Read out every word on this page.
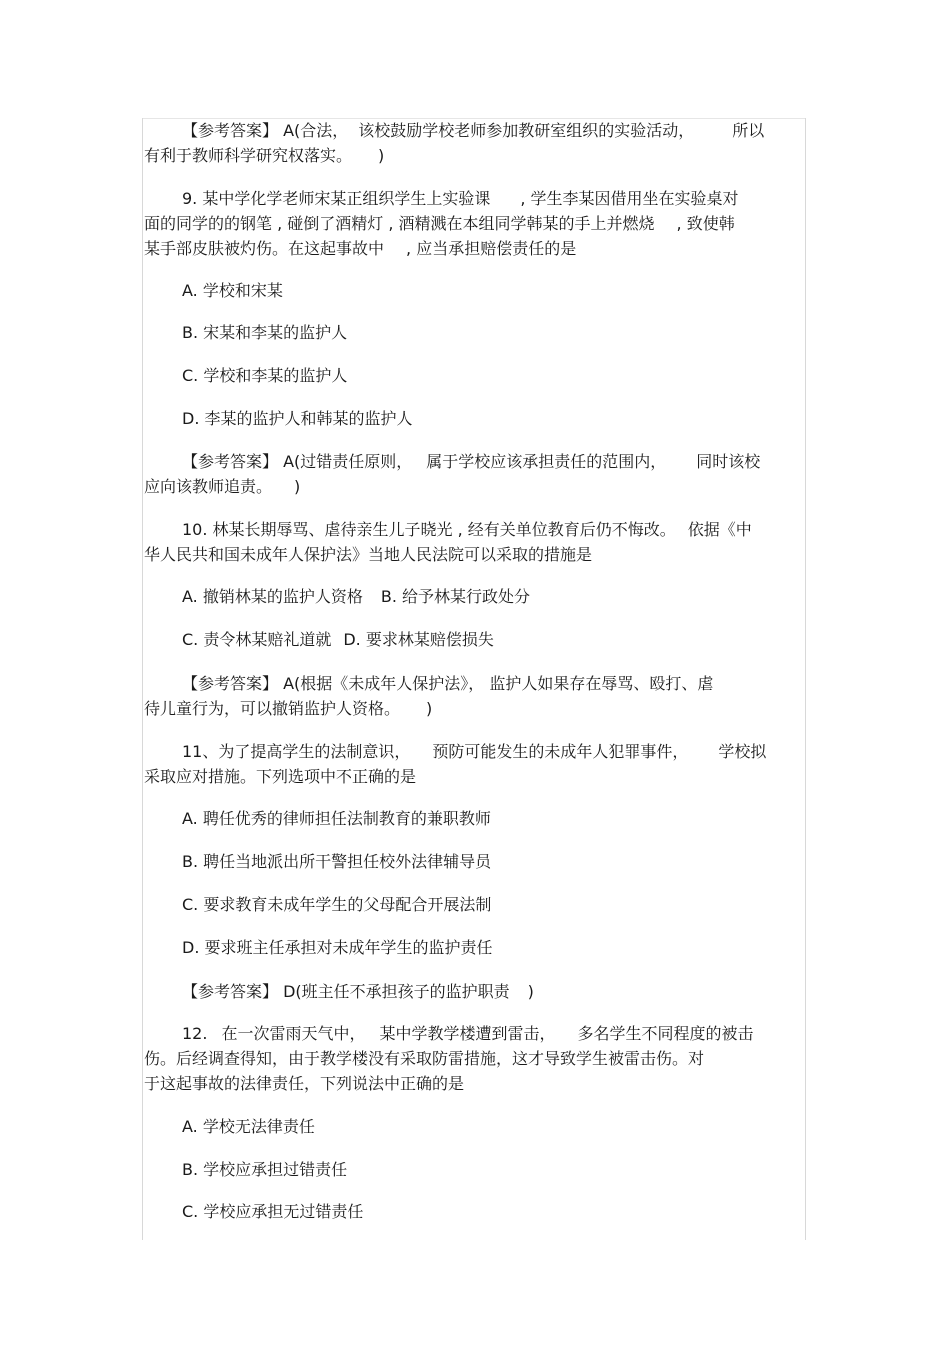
【参考答案】 A(合法， 该校鼓励学校老师参加教研室组织的实验活动， 所以
有利于教师科学研究权落实。 )
9. 某中学化学老师宋某正组织学生上实验课 , 学生李某因借用坐在实验桌对
面的同学的的钢笔 , 碰倒了酒精灯 , 酒精溅在本组同学韩某的手上并燃烧 , 致使韩
某手部皮肤被灼伤。在这起事故中 , 应当承担赔偿责任的是
A. 学校和宋某
B. 宋某和李某的监护人
C. 学校和李某的监护人
D. 李某的监护人和韩某的监护人
【参考答案】 A(过错责任原则， 属于学校应该承担责任的范围内， 同时该校
应向该教师追责。 )
10. 林某长期辱骂、虐待亲生儿子晓光 , 经有关单位教育后仍不悔改。 依据《中
华人民共和国未成年人保护法》当地人民法院可以采取的措施是
A. 撤销林某的监护人资格 B. 给予林某行政处分
C. 责令林某赔礼道就 D. 要求林某赔偿损失
【参考答案】 A(根据《未成年人保护法》， 监护人如果存在辱骂、殴打、虐
待儿童行为，可以撤销监护人资格。 )
11、为了提高学生的法制意识， 预防可能发生的未成年人犯罪事件， 学校拟
采取应对措施。下列选项中不正确的是
A. 聘任优秀的律师担任法制教育的兼职教师
B. 聘任当地派出所干警担任校外法律辅导员
C. 要求教育未成年学生的父母配合开展法制
D. 要求班主任承担对未成年学生的监护责任
【参考答案】 D(班主任不承担孩子的监护职责 )
12. 在一次雷雨天气中， 某中学教学楼遭到雷击， 多名学生不同程度的被击
伤。后经调查得知，由于教学楼没有采取防雷措施，这才导致学生被雷击伤。对
于这起事故的法律责任，下列说法中正确的是
A. 学校无法律责任
B. 学校应承担过错责任
C. 学校应承担无过错责任
